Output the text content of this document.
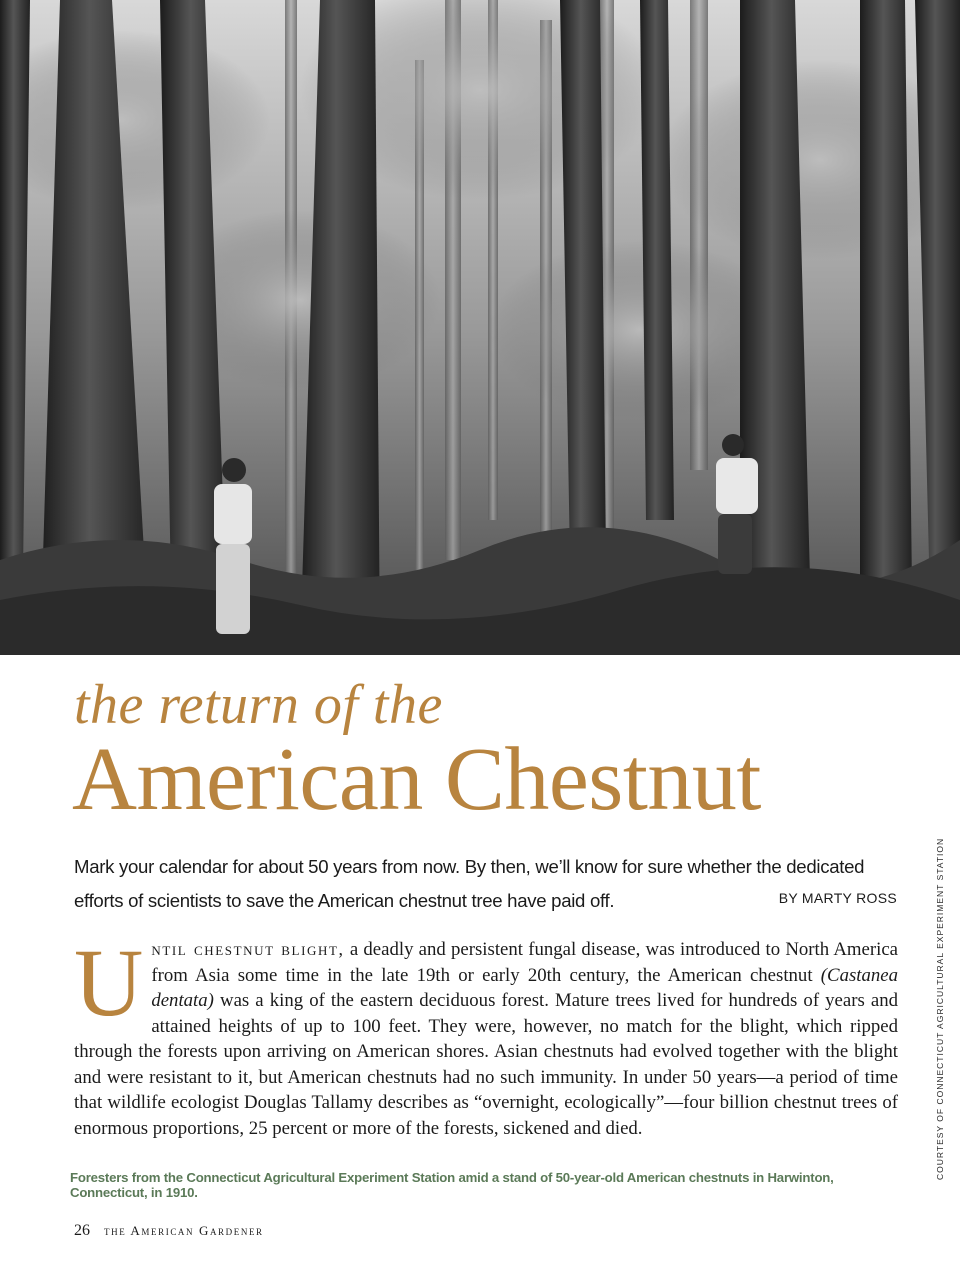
the return of the
American Chestnut

Mark your calendar for about 50 years from now. By then, we’ll know for sure whether the dedicated efforts of scientists to save the American chestnut tree have paid off.	BY MARTY ROSS

Until chestnut blight, a deadly and persistent fungal disease, was introduced to North America from Asia some time in the late 19th or early 20th century, the American chestnut (Castanea dentata) was a king of the eastern deciduous forest. Mature trees lived for hundreds of years and attained heights of up to 100 feet. They were, however, no match for the blight, which ripped through the forests upon arriving on American shores. Asian chestnuts had evolved together with the blight and were resistant to it, but American chestnuts had no such immunity. In under 50 years—a period of time that wildlife ecologist Douglas Tallamy describes as “overnight, ecologically”—four billion chestnut trees of enormous proportions, 25 percent or more of the forests, sickened and died.

Foresters from the Connecticut Agricultural Experiment Station amid a stand of 50-year-old American chestnuts in Harwinton, Connecticut, in 1910.

COURTESY OF CONNECTICUT AGRICULTURAL EXPERIMENT STATION
26 the American Gardener
